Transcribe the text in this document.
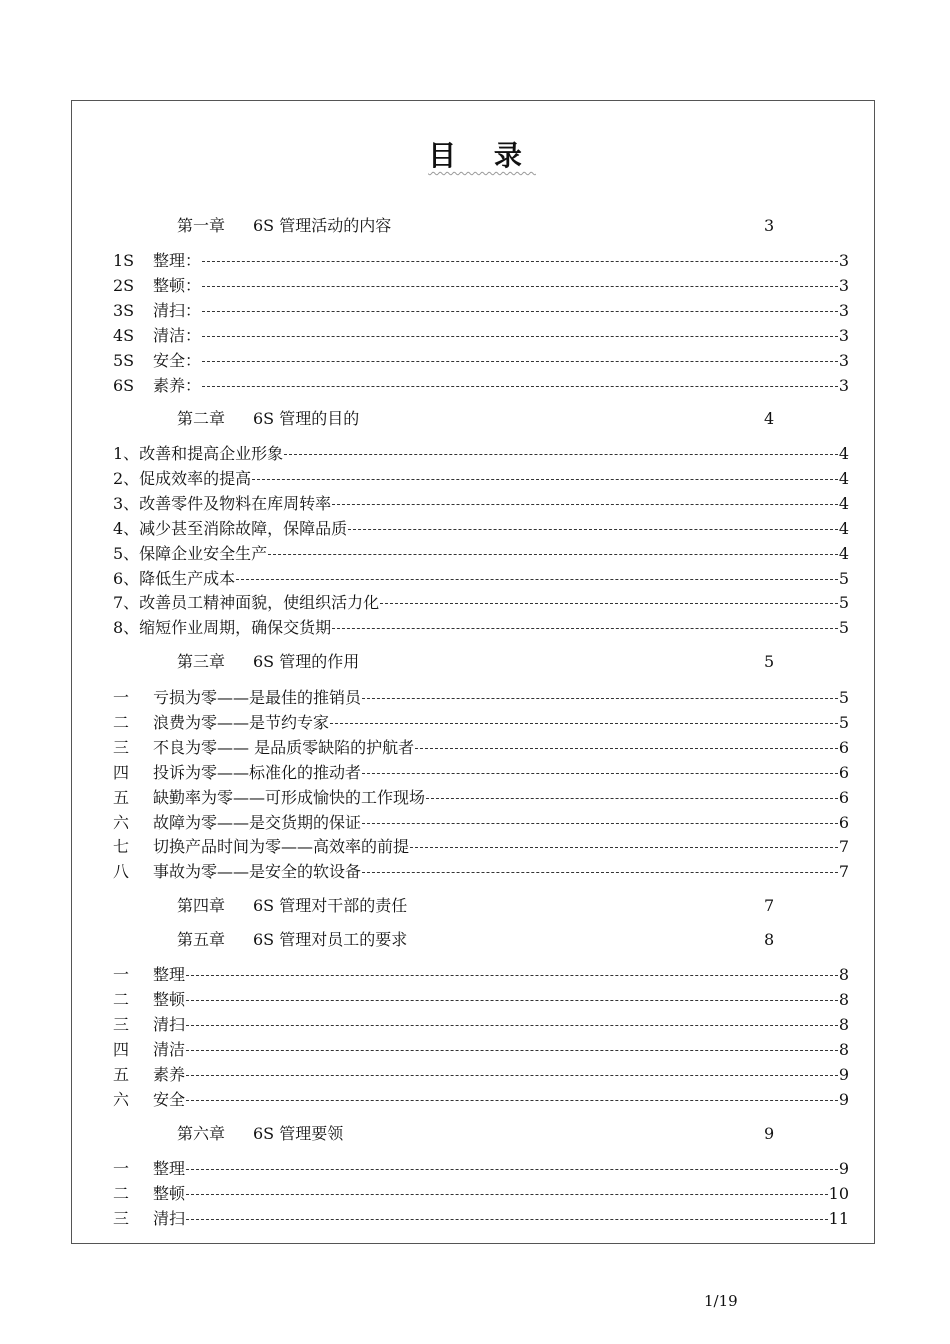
目 录
第一章 6S 管理活动的内容	3
1S	整理：	3
2S	整顿：	3
3S	清扫：	3
4S	清洁：	3
5S	安全：	3
6S	素养：	3
第二章 6S 管理的目的	4
1、改善和提高企业形象	4
2、促成效率的提高	4
3、改善零件及物料在库周转率	4
4、减少甚至消除故障，保障品质	4
5、保障企业安全生产	4
6、降低生产成本	5
7、改善员工精神面貌，使组织活力化	5
8、缩短作业周期，确保交货期	5
第三章 6S 管理的作用	5
一	亏损为零——是最佳的推销员	5
二	浪费为零——是节约专家	5
三	不良为零—— 是品质零缺陷的护航者	6
四	投诉为零——标准化的推动者	6
五	缺勤率为零——可形成愉快的工作现场	6
六	故障为零——是交货期的保证	6
七	切换产品时间为零——高效率的前提	7
八	事故为零——是安全的软设备	7
第四章 6S 管理对干部的责任	7
第五章 6S 管理对员工的要求	8
一	整理	8
二	整顿	8
三	清扫	8
四	清洁	8
五	素养	9
六	安全	9
第六章 6S 管理要领	9
一	整理	9
二	整顿	10
三	清扫	11
1/19
